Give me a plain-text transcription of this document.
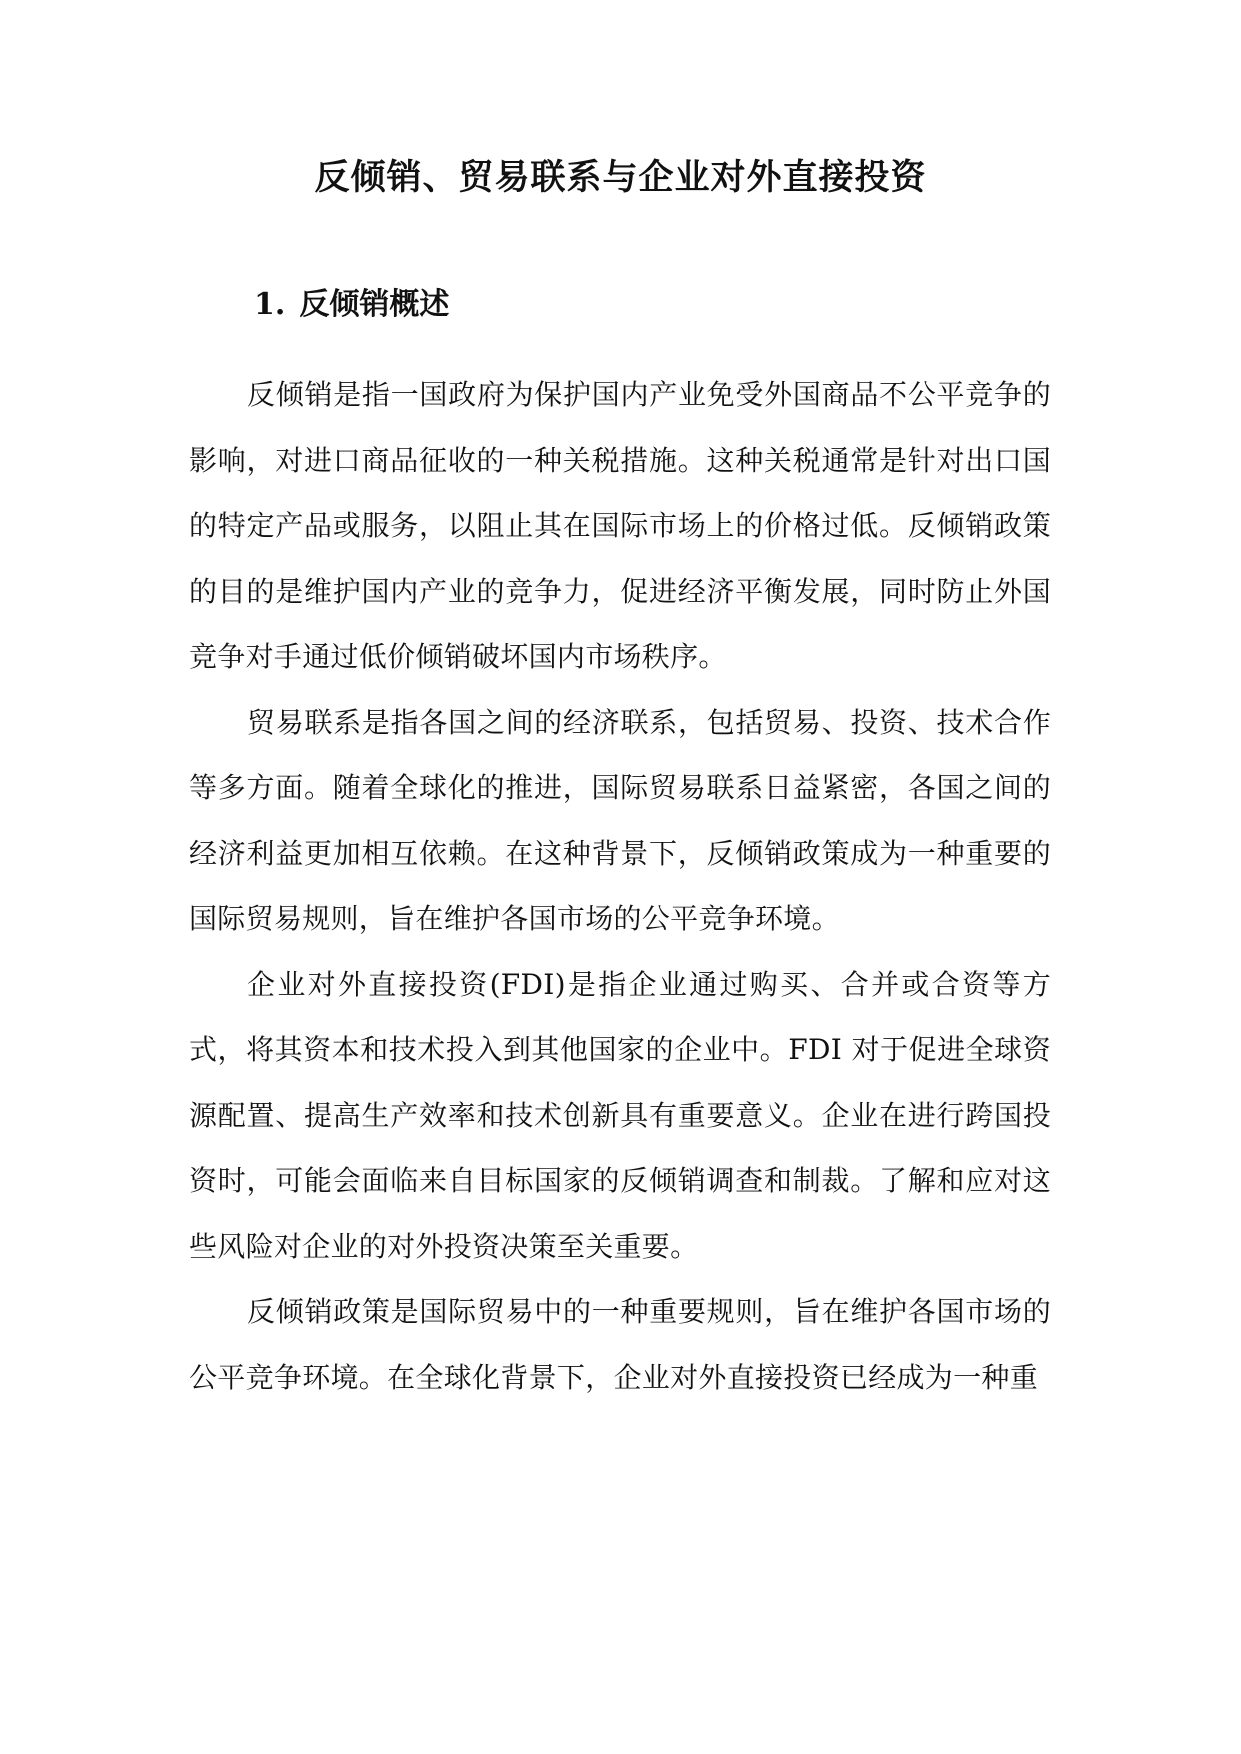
反倾销、贸易联系与企业对外直接投资
1. 反倾销概述

反倾销是指一国政府为保护国内产业免受外国商品不公平竞争的影响，对进口商品征收的一种关税措施。这种关税通常是针对出口国的特定产品或服务，以阻止其在国际市场上的价格过低。反倾销政策的目的是维护国内产业的竞争力，促进经济平衡发展，同时防止外国竞争对手通过低价倾销破坏国内市场秩序。

贸易联系是指各国之间的经济联系，包括贸易、投资、技术合作等多方面。随着全球化的推进，国际贸易联系日益紧密，各国之间的经济利益更加相互依赖。在这种背景下，反倾销政策成为一种重要的国际贸易规则，旨在维护各国市场的公平竞争环境。

企业对外直接投资(FDI)是指企业通过购买、合并或合资等方式，将其资本和技术投入到其他国家的企业中。FDI 对于促进全球资源配置、提高生产效率和技术创新具有重要意义。企业在进行跨国投资时，可能会面临来自目标国家的反倾销调查和制裁。了解和应对这些风险对企业的对外投资决策至关重要。

反倾销政策是国际贸易中的一种重要规则，旨在维护各国市场的公平竞争环境。在全球化背景下，企业对外直接投资已经成为一种重
